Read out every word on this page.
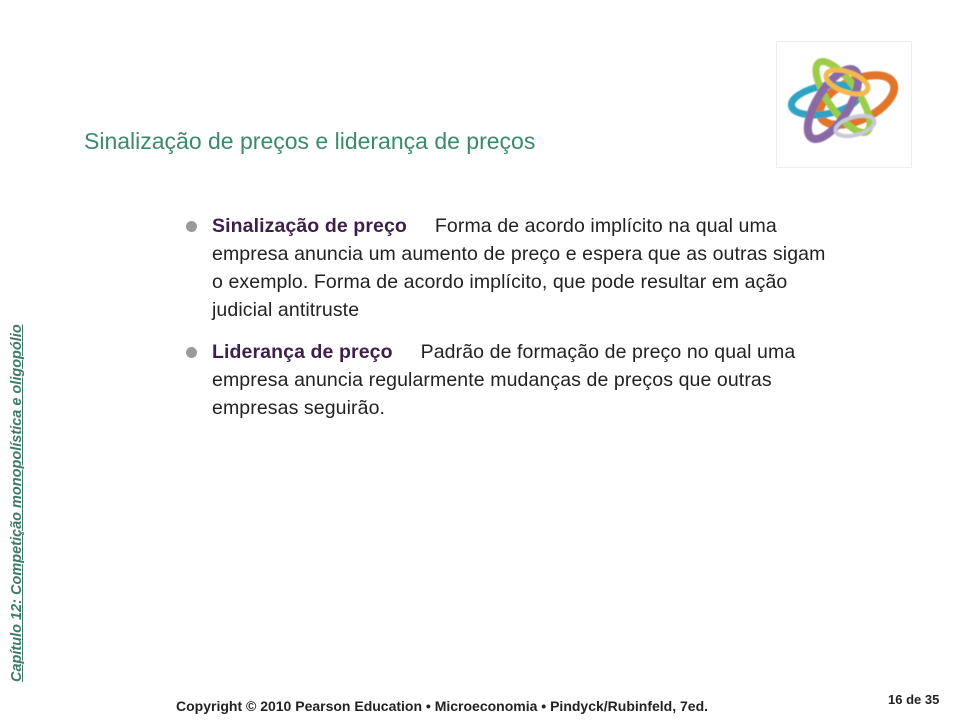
Capítulo 12: Competição monopolística e oligopólio
Sinalização de preços e liderança de preços
Sinalização de preço Forma de acordo implícito na qual uma empresa anuncia um aumento de preço e espera que as outras sigam o exemplo. Forma de acordo implícito, que pode resultar em ação judicial antitruste
Liderança de preço Padrão de formação de preço no qual uma empresa anuncia regularmente mudanças de preços que outras empresas seguirão.
Copyright © 2010 Pearson Education • Microeconomia • Pindyck/Rubinfeld, 7ed.	16 de 35
